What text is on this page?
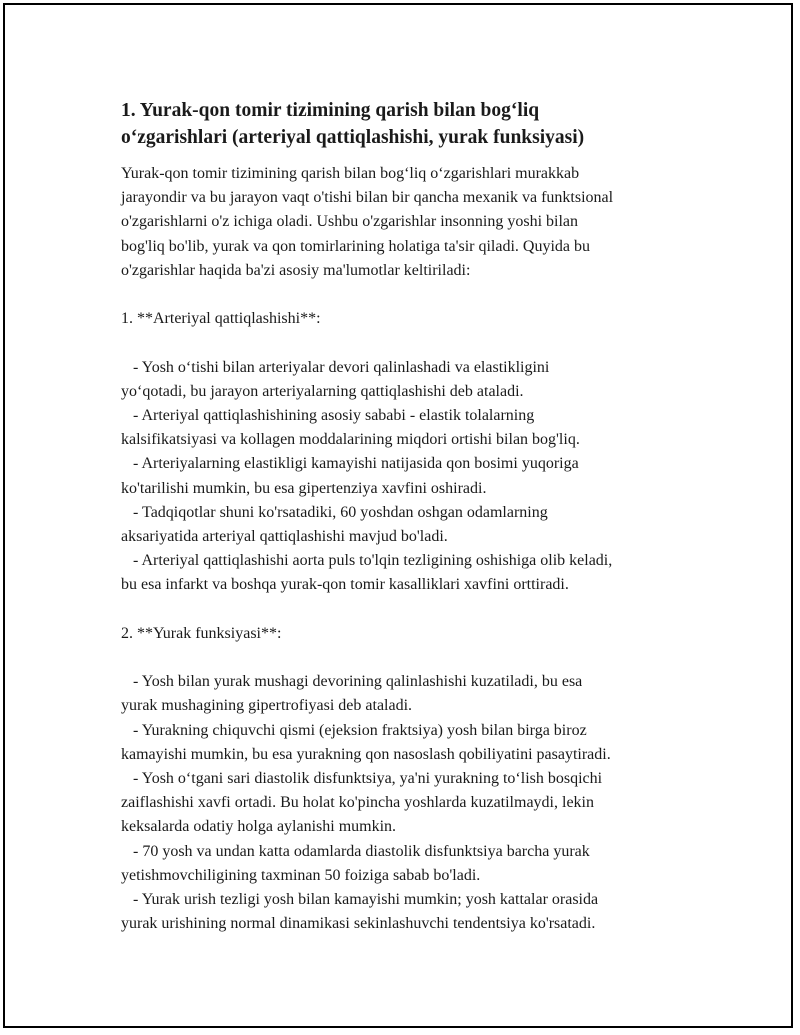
1. Yurak-qon tomir tizimining qarish bilan bog‘liq
o‘zgarishlari (arteriyal qattiqlashishi, yurak funksiyasi)

Yurak-qon tomir tizimining qarish bilan bog‘liq o‘zgarishlari murakkab

jarayondir va bu jarayon vaqt o'tishi bilan bir qancha mexanik va funktsional

o'zgarishlarni o'z ichiga oladi. Ushbu o'zgarishlar insonning yoshi bilan

bog'liq bo'lib, yurak va qon tomirlarining holatiga ta'sir qiladi. Quyida bu

o'zgarishlar haqida ba'zi asosiy ma'lumotlar keltiriladi:

1. **Arteriyal qattiqlashishi**:

- Yosh o‘tishi bilan arteriyalar devori qalinlashadi va elastikligini

yo‘qotadi, bu jarayon arteriyalarning qattiqlashishi deb ataladi.

- Arteriyal qattiqlashishining asosiy sababi - elastik tolalarning

kalsifikatsiyasi va kollagen moddalarining miqdori ortishi bilan bog'liq.

- Arteriyalarning elastikligi kamayishi natijasida qon bosimi yuqoriga

ko'tarilishi mumkin, bu esa gipertenziya xavfini oshiradi.

- Tadqiqotlar shuni ko'rsatadiki, 60 yoshdan oshgan odamlarning

aksariyatida arteriyal qattiqlashishi mavjud bo'ladi.

- Arteriyal qattiqlashishi aorta puls to'lqin tezligining oshishiga olib keladi,

bu esa infarkt va boshqa yurak-qon tomir kasalliklari xavfini orttiradi.

2. **Yurak funksiyasi**:

- Yosh bilan yurak mushagi devorining qalinlashishi kuzatiladi, bu esa

yurak mushagining gipertrofiyasi deb ataladi.

- Yurakning chiquvchi qismi (ejeksion fraktsiya) yosh bilan birga biroz

kamayishi mumkin, bu esa yurakning qon nasoslash qobiliyatini pasaytiradi.

- Yosh o‘tgani sari diastolik disfunktsiya, ya'ni yurakning to‘lish bosqichi

zaiflashishi xavfi ortadi. Bu holat ko'pincha yoshlarda kuzatilmaydi, lekin

keksalarda odatiy holga aylanishi mumkin.

- 70 yosh va undan katta odamlarda diastolik disfunktsiya barcha yurak

yetishmovchiligining taxminan 50 foiziga sabab bo'ladi.

- Yurak urish tezligi yosh bilan kamayishi mumkin; yosh kattalar orasida

yurak urishining normal dinamikasi sekinlashuvchi tendentsiya ko'rsatadi.
